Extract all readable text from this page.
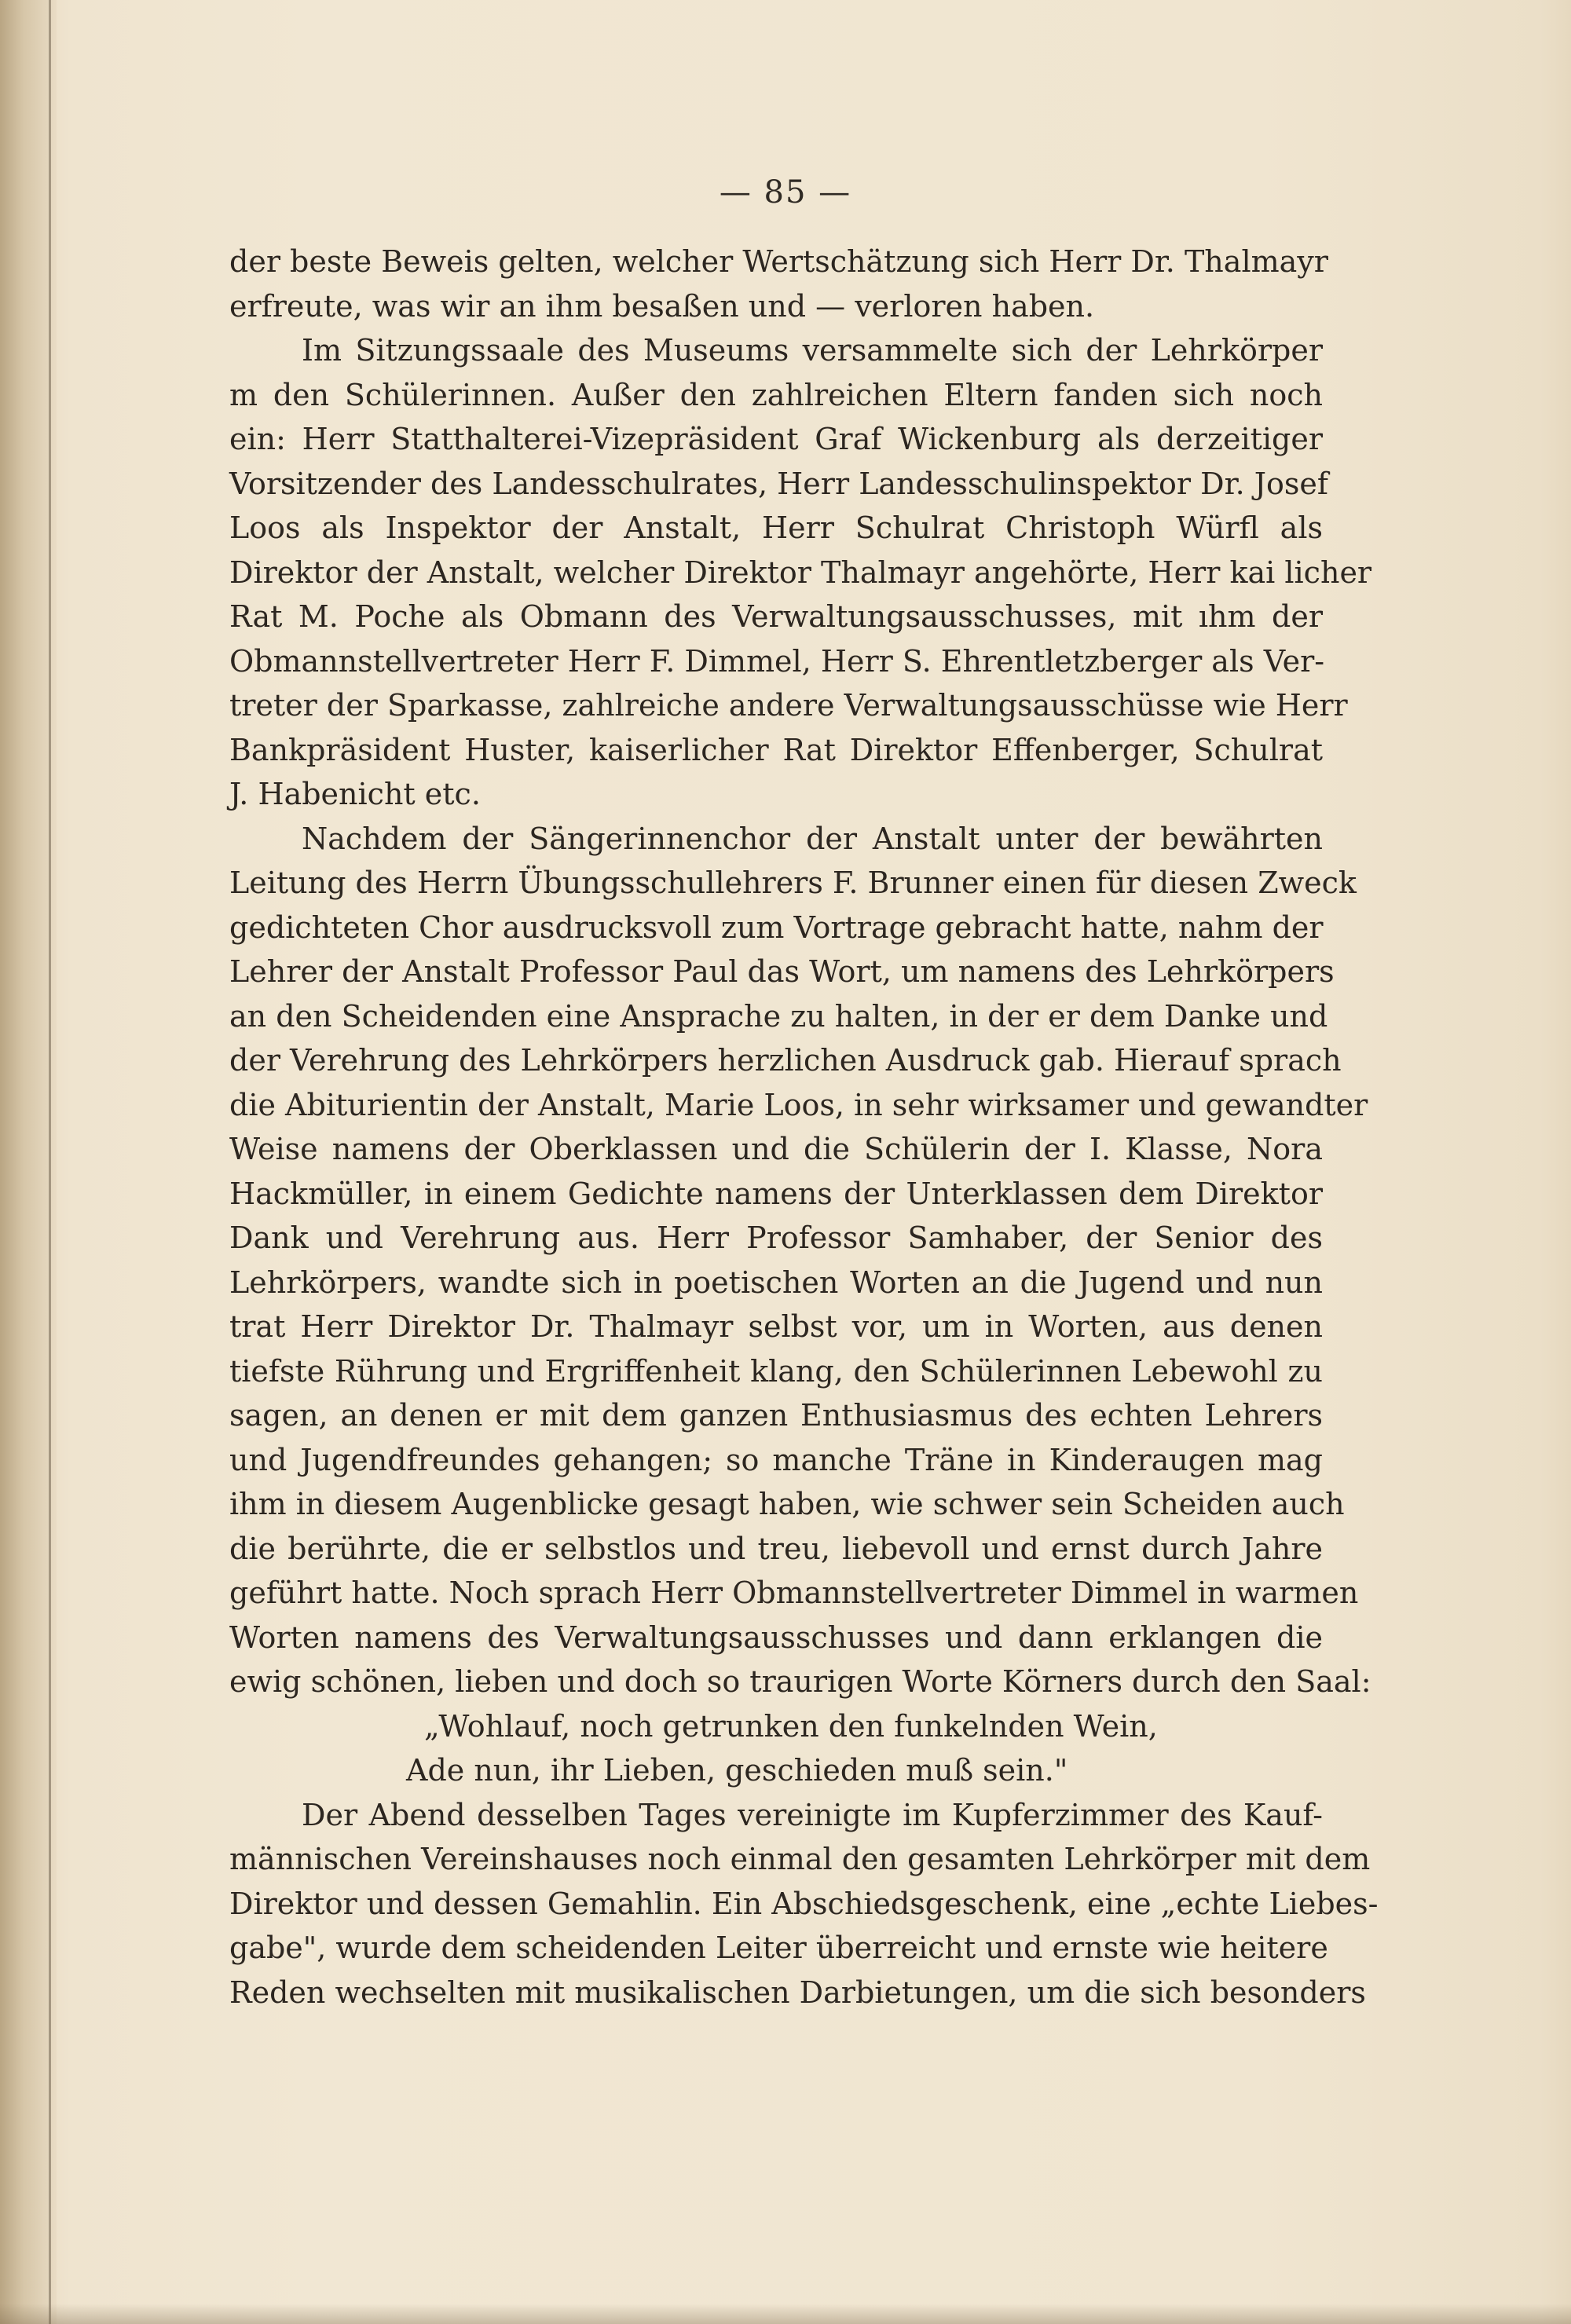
— 85 —
der beste Beweis gelten, welcher Wertschätzung sich Herr Dr. Thalmayr
erfreute, was wir an ihm besaßen und — verloren haben.
Im Sitzungssaale des Museums versammelte sich der Lehrkörper
m den Schülerinnen. Außer den zahlreichen Eltern fanden sich noch
ein: Herr Statthalterei-Vizepräsident Graf Wickenburg als derzeitiger
Vorsitzender des Landesschulrates, Herr Landesschulinspektor Dr. Josef
Loos als Inspektor der Anstalt, Herr Schulrat Christoph Würfl als
Direktor der Anstalt, welcher Direktor Thalmayr angehörte, Herr kai licher
Rat M. Poche als Obmann des Verwaltungsausschusses, mit ıhm der
Obmannstellvertreter Herr F. Dimmel, Herr S. Ehrentletzberger als Ver-
treter der Sparkasse, zahlreiche andere Verwaltungsausschüsse wie Herr
Bankpräsident Huster, kaiserlicher Rat Direktor Effenberger, Schulrat
J. Habenicht etc.
Nachdem der Sängerinnenchor der Anstalt unter der bewährten
Leitung des Herrn Übungsschullehrers F. Brunner einen für diesen Zweck
gedichteten Chor ausdrucksvoll zum Vortrage gebracht hatte, nahm der
Lehrer der Anstalt Professor Paul das Wort, um namens des Lehrkörpers
an den Scheidenden eine Ansprache zu halten, in der er dem Danke und
der Verehrung des Lehrkörpers herzlichen Ausdruck gab. Hierauf sprach
die Abiturientin der Anstalt, Marie Loos, in sehr wirksamer und gewandter
Weise namens der Oberklassen und die Schülerin der I. Klasse, Nora
Hackmüller, in einem Gedichte namens der Unterklassen dem Direktor
Dank und Verehrung aus. Herr Professor Samhaber, der Senior des
Lehrkörpers, wandte sich in poetischen Worten an die Jugend und nun
trat Herr Direktor Dr. Thalmayr selbst vor, um in Worten, aus denen
tiefste Rührung und Ergriffenheit klang, den Schülerinnen Lebewohl zu
sagen, an denen er mit dem ganzen Enthusiasmus des echten Lehrers
und Jugendfreundes gehangen; so manche Träne in Kinderaugen mag
ihm in diesem Augenblicke gesagt haben, wie schwer sein Scheiden auch
die berührte, die er selbstlos und treu, liebevoll und ernst durch Jahre
geführt hatte. Noch sprach Herr Obmannstellvertreter Dimmel in warmen
Worten namens des Verwaltungsausschusses und dann erklangen die
ewig schönen, lieben und doch so traurigen Worte Körners durch den Saal:
„Wohlauf, noch getrunken den funkelnden Wein,
Ade nun, ihr Lieben, geschieden muß sein."
Der Abend desselben Tages vereinigte im Kupferzimmer des Kauf-
männischen Vereinshauses noch einmal den gesamten Lehrkörper mit dem
Direktor und dessen Gemahlin. Ein Abschiedsgeschenk, eine „echte Liebes-
gabe", wurde dem scheidenden Leiter überreicht und ernste wie heitere
Reden wechselten mit musikalischen Darbietungen, um die sich besonders
